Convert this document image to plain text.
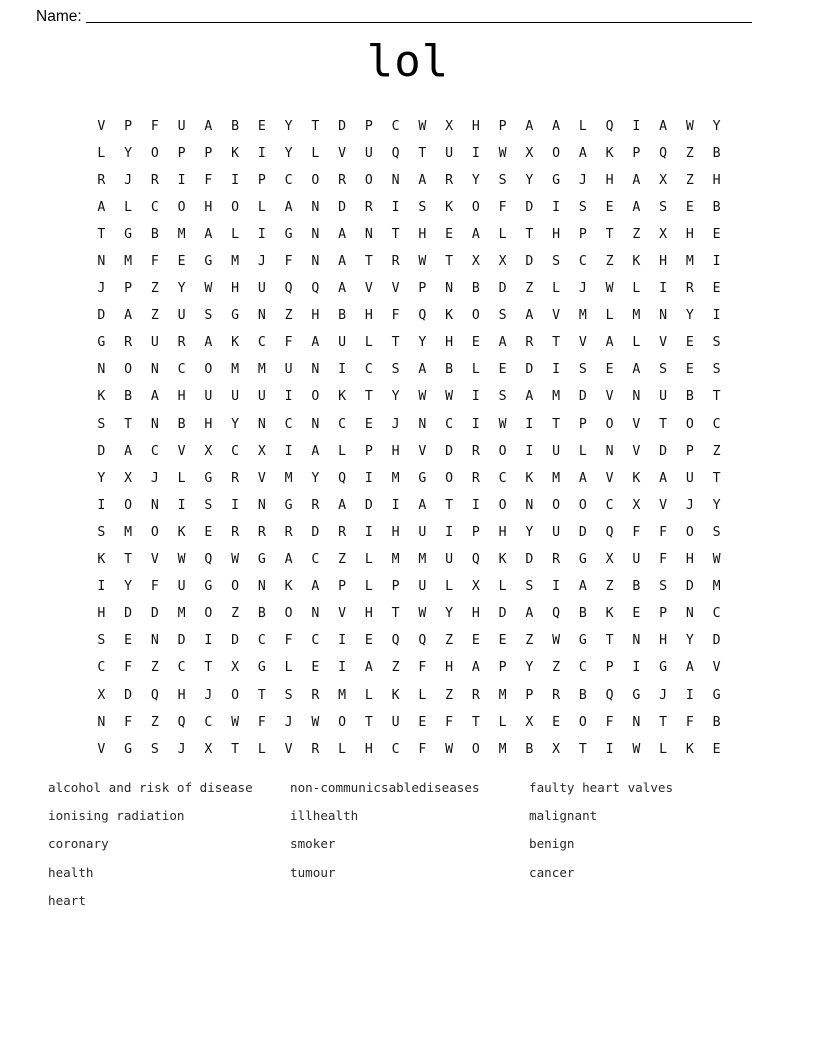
Name:
lol
V	P	F	U	A	B	E	Y	T	D	P	C	W	X	H	P	A	A	L	Q	I	A	W	Y
L	Y	O	P	P	K	I	Y	L	V	U	Q	T	U	I	W	X	O	A	K	P	Q	Z	B
R	J	R	I	F	I	P	C	O	R	O	N	A	R	Y	S	Y	G	J	H	A	X	Z	H
A	L	C	O	H	O	L	A	N	D	R	I	S	K	O	F	D	I	S	E	A	S	E	B
T	G	B	M	A	L	I	G	N	A	N	T	H	E	A	L	T	H	P	T	Z	X	H	E
N	M	F	E	G	M	J	F	N	A	T	R	W	T	X	X	D	S	C	Z	K	H	M	I
J	P	Z	Y	W	H	U	Q	Q	A	V	V	P	N	B	D	Z	L	J	W	L	I	R	E
D	A	Z	U	S	G	N	Z	H	B	H	F	Q	K	O	S	A	V	M	L	M	N	Y	I
G	R	U	R	A	K	C	F	A	U	L	T	Y	H	E	A	R	T	V	A	L	V	E	S
N	O	N	C	O	M	M	U	N	I	C	S	A	B	L	E	D	I	S	E	A	S	E	S
K	B	A	H	U	U	U	I	O	K	T	Y	W	W	I	S	A	M	D	V	N	U	B	T
S	T	N	B	H	Y	N	C	N	C	E	J	N	C	I	W	I	T	P	O	V	T	O	C
D	A	C	V	X	C	X	I	A	L	P	H	V	D	R	O	I	U	L	N	V	D	P	Z
Y	X	J	L	G	R	V	M	Y	Q	I	M	G	O	R	C	K	M	A	V	K	A	U	T
I	O	N	I	S	I	N	G	R	A	D	I	A	T	I	O	N	O	O	C	X	V	J	Y
S	M	O	K	E	R	R	R	D	R	I	H	U	I	P	H	Y	U	D	Q	F	F	O	S
K	T	V	W	Q	W	G	A	C	Z	L	M	M	U	Q	K	D	R	G	X	U	F	H	W
I	Y	F	U	G	O	N	K	A	P	L	P	U	L	X	L	S	I	A	Z	B	S	D	M
H	D	D	M	O	Z	B	O	N	V	H	T	W	Y	H	D	A	Q	B	K	E	P	N	C
S	E	N	D	I	D	C	F	C	I	E	Q	Q	Z	E	E	Z	W	G	T	N	H	Y	D
C	F	Z	C	T	X	G	L	E	I	A	Z	F	H	A	P	Y	Z	C	P	I	G	A	V
X	D	Q	H	J	O	T	S	R	M	L	K	L	Z	R	M	P	R	B	Q	G	J	I	G
N	F	Z	Q	C	W	F	J	W	O	T	U	E	F	T	L	X	E	O	F	N	T	F	B
V	G	S	J	X	T	L	V	R	L	H	C	F	W	O	M	B	X	T	I	W	L	K	E
alcohol and risk of disease	non-communicsablediseases	faulty heart valves
ionising radiation	illhealth	malignant
coronary	smoker	benign
health	tumour	cancer
heart
